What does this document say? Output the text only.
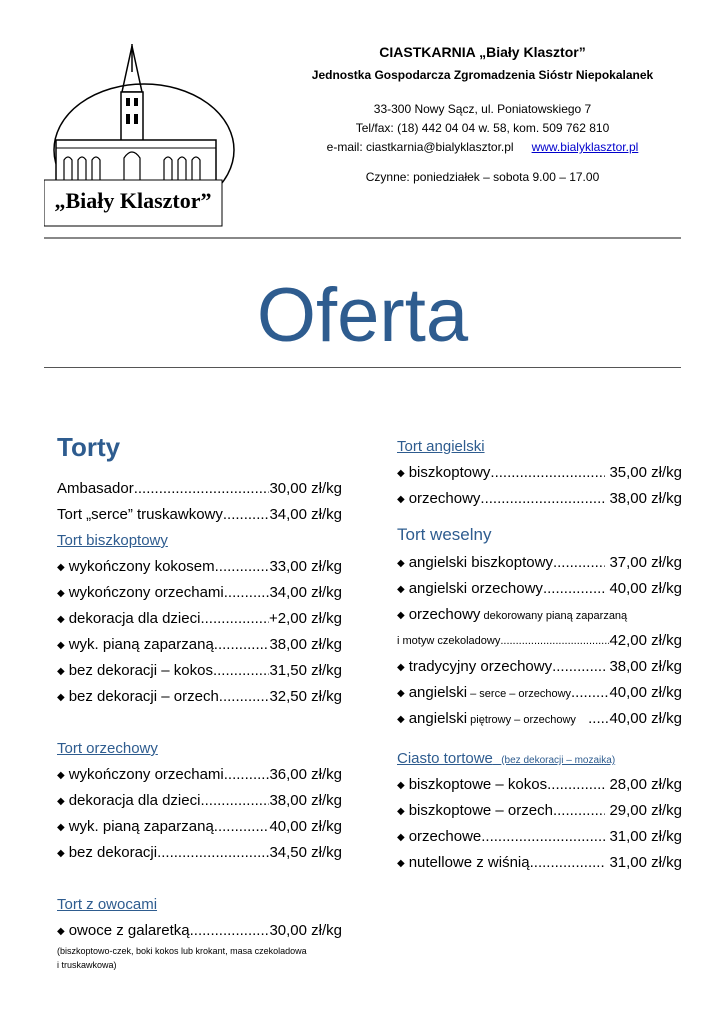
„Biały Klasztor”
CIASTKARNIA „Biały Klasztor”
Jednostka Gospodarcza Zgromadzenia Sióstr Niepokalanek
33-300 Nowy Sącz, ul. Poniatowskiego 7
Tel/fax: (18) 442 04 04 w. 58, kom. 509 762 810
e-mail: ciastkarnia@bialyklasztor.pl www.bialyklasztor.pl
Czynne: poniedziałek – sobota 9.00 – 17.00
Oferta
Torty
Ambasador .....	30,00 zł/kg
Tort „serce” truskawkowy .....	34,00 zł/kg
Tort biszkoptowy
◆ wykończony kokosem .....	33,00 zł/kg
◆ wykończony orzechami .....	34,00 zł/kg
◆ dekoracja dla dzieci .....	+2,00 zł/kg
◆ wyk. pianą zaparzaną .....	38,00 zł/kg
◆ bez dekoracji – kokos .....	31,50 zł/kg
◆ bez dekoracji – orzech .....	32,50 zł/kg
Tort orzechowy
◆ wykończony orzechami .....	36,00 zł/kg
◆ dekoracja dla dzieci .....	38,00 zł/kg
◆ wyk. pianą zaparzaną .....	40,00 zł/kg
◆ bez dekoracji .....	34,50 zł/kg
Tort z owocami
◆ owoce z galaretką .....	30,00 zł/kg
(biszkoptowo-czek, boki kokos lub krokant, masa czekoladowa
i truskawkowa)
Tort angielski
◆ biszkoptowy .....	35,00 zł/kg
◆ orzechowy .....	38,00 zł/kg
Tort weselny
◆ angielski biszkoptowy .....	37,00 zł/kg
◆ angielski orzechowy .....	40,00 zł/kg
◆ orzechowy dekorowany pianą zaparzaną
i motyw czekoladowy .....	42,00 zł/kg
◆ tradycyjny orzechowy .....	38,00 zł/kg
◆ angielski – serce – orzechowy .....	40,00 zł/kg
◆ angielski piętrowy – orzechowy ..... 40,00 zł/kg
Ciasto tortowe (bez dekoracji – mozaika)
◆ biszkoptowe – kokos .....	28,00 zł/kg
◆ biszkoptowe – orzech .....	29,00 zł/kg
◆ orzechowe .....	31,00 zł/kg
◆ nutellowe z wiśnią .....	31,00 zł/kg
